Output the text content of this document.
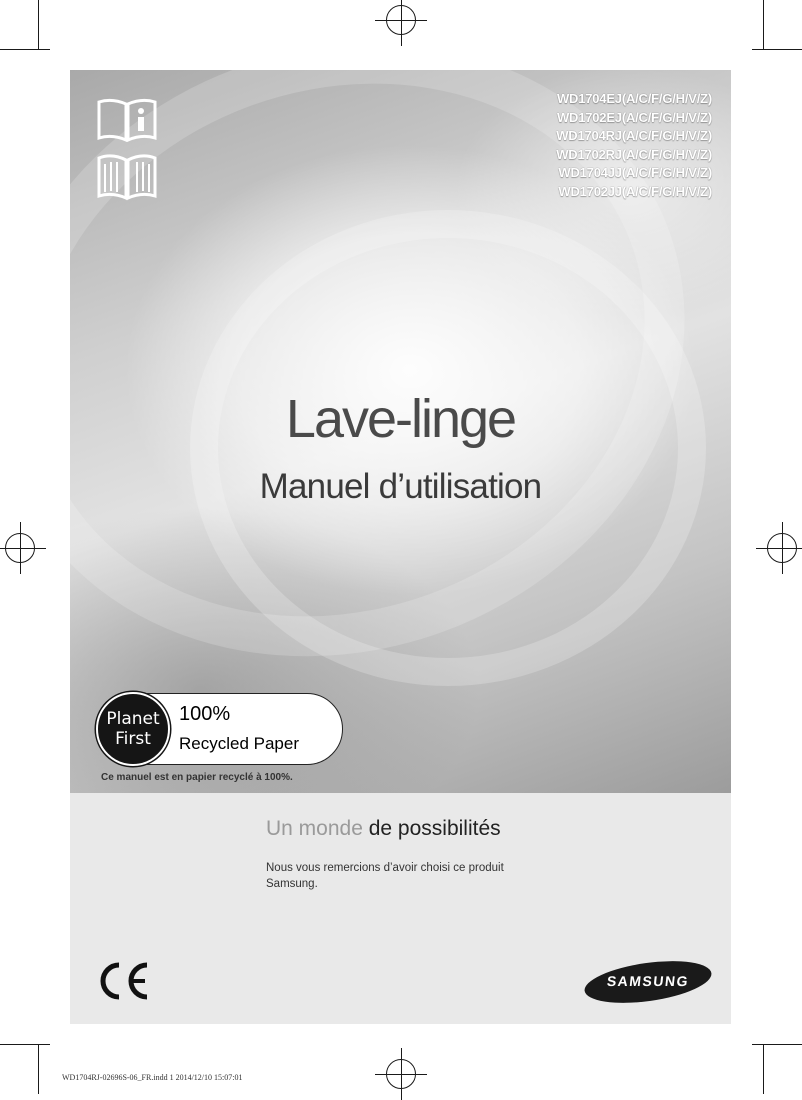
WD1704EJ(A/C/F/G/H/V/Z)
WD1702EJ(A/C/F/G/H/V/Z)
WD1704RJ(A/C/F/G/H/V/Z)
WD1702RJ(A/C/F/G/H/V/Z)
WD1704JJ(A/C/F/G/H/V/Z)
WD1702JJ(A/C/F/G/H/V/Z)
Lave-linge
Manuel d’utilisation
Planet
First
100%
Recycled Paper
Ce manuel est en papier recyclé à 100%.
Un monde de possibilités
Nous vous remercions d’avoir choisi ce produit Samsung.
SAMSUNG
WD1704RJ-02696S-06_FR.indd 1 2014/12/10 15:07:01
